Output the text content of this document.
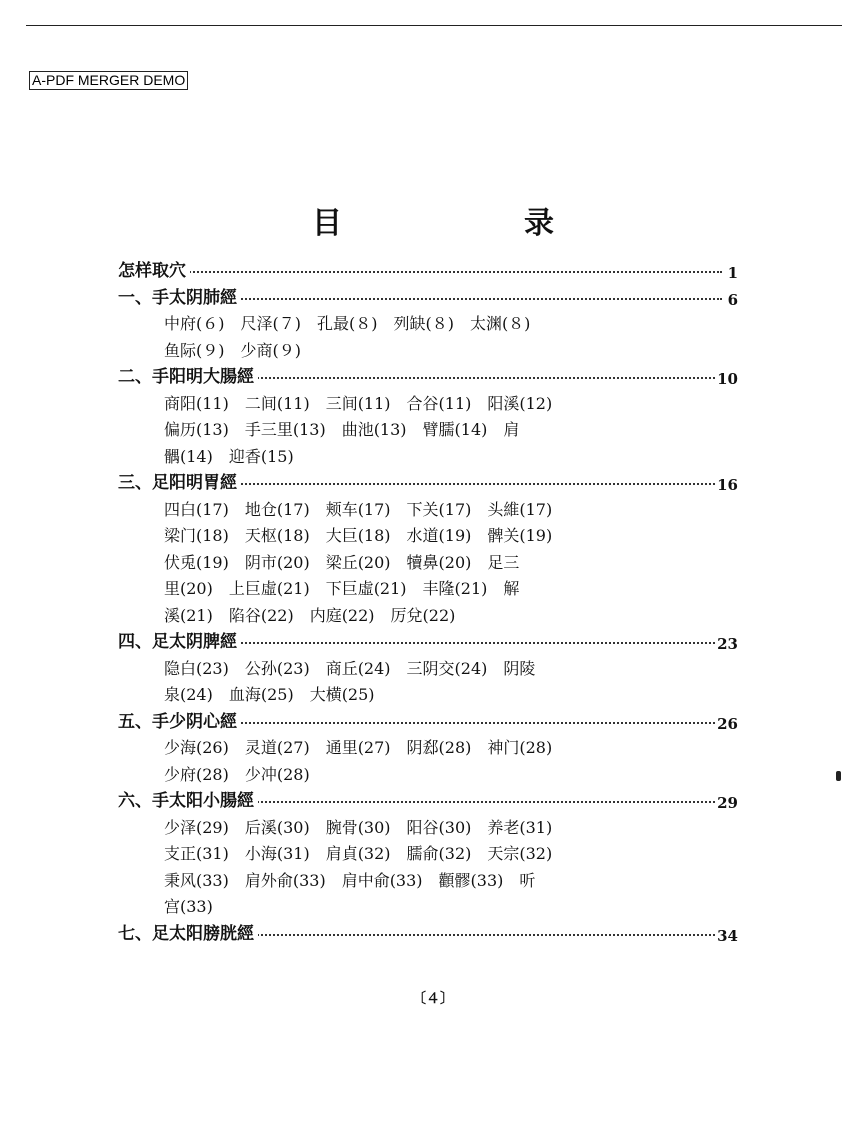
A-PDF MERGER DEMO
目　录
怎样取穴	1
一、手太阴肺經	6
中府(６)　尺泽(７)　孔最(８)　列缺(８)　太渊(８)
鱼际(９)　少商(９)
二、手阳明大腸經	10
商阳(11)　二间(11)　三间(11)　合谷(11)　阳溪(12)
偏历(13)　手三里(13)　曲池(13)　臂臑(14)　肩
髃(14)　迎香(15)
三、足阳明胃經	16
四白(17)　地仓(17)　颊车(17)　下关(17)　头維(17)
梁门(18)　天枢(18)　大巨(18)　水道(19)　髀关(19)
伏兎(19)　阴市(20)　梁丘(20)　犢鼻(20)　足三
里(20)　上巨虛(21)　下巨虛(21)　丰隆(21)　解
溪(21)　陷谷(22)　内庭(22)　厉兌(22)
四、足太阴脾經	23
隐白(23)　公孙(23)　商丘(24)　三阴交(24)　阴陵
泉(24)　血海(25)　大横(25)
五、手少阴心經	26
少海(26)　灵道(27)　通里(27)　阴郄(28)　神门(28)
少府(28)　少冲(28)
六、手太阳小腸經	29
少泽(29)　后溪(30)　腕骨(30)　阳谷(30)　养老(31)
支正(31)　小海(31)　肩貞(32)　臑俞(32)　天宗(32)
秉风(33)　肩外俞(33)　肩中俞(33)　顴髎(33)　听
宫(33)
七、足太阳膀胱經	34
〔４〕
